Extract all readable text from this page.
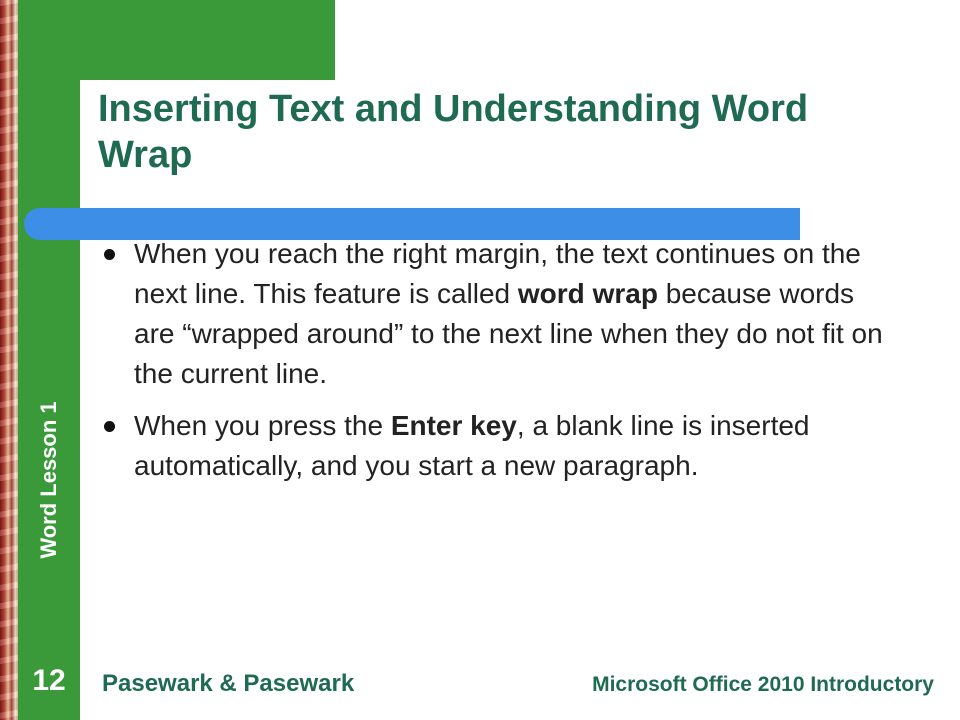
Inserting Text and Understanding Word Wrap
Word Lesson 1
When you reach the right margin, the text continues on the next line. This feature is called word wrap because words are “wrapped around” to the next line when they do not fit on the current line.
When you press the Enter key, a blank line is inserted automatically, and you start a new paragraph.
12	Pasewark & Pasewark	Microsoft Office 2010 Introductory
